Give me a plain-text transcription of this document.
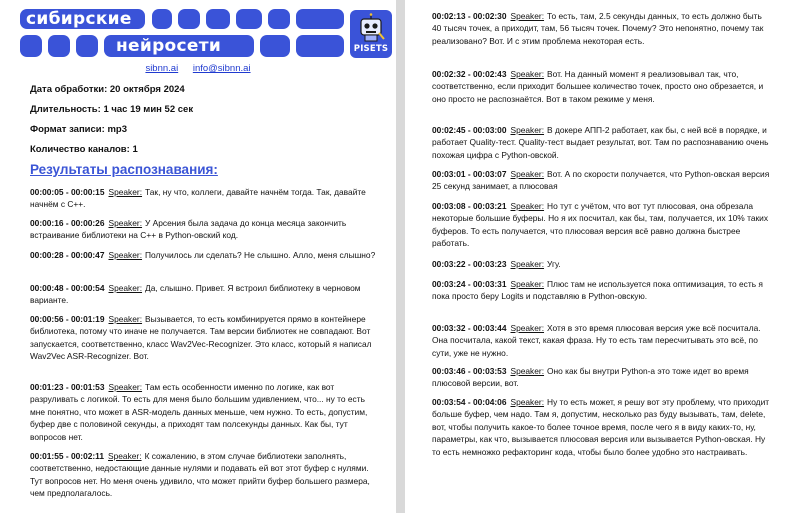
сибирские
нейросети	PISETS
sibnn.ai info@sibnn.ai
Дата обработки: 20 октября 2024
Длительность: 1 час 19 мин 52 сек
Формат записи: mp3
Количество каналов: 1
Результаты распознавания:
00:00:05 - 00:00:15 Speaker: Так, ну что, коллеги, давайте начнём тогда. Так, давайте начнём с C++.
00:00:16 - 00:00:26 Speaker: У Арсения была задача до конца месяца закончить встраивание библиотеки на C++ в Python-овский код.
00:00:28 - 00:00:47 Speaker: Получилось ли сделать? Не слышно. Алло, меня слышно?
00:00:48 - 00:00:54 Speaker: Да, слышно. Привет. Я встроил библиотеку в черновом варианте.
00:00:56 - 00:01:19 Speaker: Вызывается, то есть комбинируется прямо в контейнере библиотека, потому что иначе не получается. Там версии библиотек не совпадают. Вот запускается, соответственно, класс Wav2Vec-Recognizer. Это класс, который я написал Wav2Vec ASR-Recognizer. Вот.
00:01:23 - 00:01:53 Speaker: Там есть особенности именно по логике, как вот разруливать с логикой. То есть для меня было большим удивлением, что... ну то есть мне понятно, что может в ASR-модель данных меньше, чем нужно. То есть, допустим, буфер две с половиной секунды, а приходят там полсекунды данных. Как бы, тут вопросов нет.
00:01:55 - 00:02:11 Speaker: К сожалению, в этом случае библиотеки заполнять, соответственно, недостающие данные нулями и подавать ей вот этот буфер с нулями. Тут вопросов нет. Но меня очень удивило, что может прийти буфер большего размера, чем предполагалось.
00:02:13 - 00:02:30 Speaker: То есть, там, 2.5 секунды данных, то есть должно быть 40 тысяч точек, а приходит, там, 56 тысяч точек. Почему? Это непонятно, почему так реализовано? Вот. И с этим проблема некоторая есть.
00:02:32 - 00:02:43 Speaker: Вот. На данный момент я реализовывал так, что, соответственно, если приходит большее количество точек, просто оно обрезается, и оно просто не распознаётся. Вот в таком режиме у меня.
00:02:45 - 00:03:00 Speaker: В докере АПП-2 работает, как бы, с ней всё в порядке, и работает Quality-тест. Quality-тест выдает результат, вот. Там по распознаванию очень похожая цифра с Python-овской.
00:03:01 - 00:03:07 Speaker: Вот. А по скорости получается, что Python-овская версия 25 секунд занимает, а плюсовая
00:03:08 - 00:03:21 Speaker: Но тут с учётом, что вот тут плюсовая, она обрезала некоторые большие буферы. Но я их посчитал, как бы, там, получается, их 10% таких буферов. То есть получается, что плюсовая версия всё равно должна быстрее работать.
00:03:22 - 00:03:23 Speaker: Угу.
00:03:24 - 00:03:31 Speaker: Плюс там не используется пока оптимизация, то есть я пока просто беру Logits и подставляю в Python-овскую.
00:03:32 - 00:03:44 Speaker: Хотя в это время плюсовая версия уже всё посчитала. Она посчитала, какой текст, какая фраза. Ну то есть там пересчитывать это всё, по сути, уже не нужно.
00:03:46 - 00:03:53 Speaker: Оно как бы внутри Python-а это тоже идет во время плюсовой версии, вот.
00:03:54 - 00:04:06 Speaker: Ну то есть может, я решу вот эту проблему, что приходит больше буфер, чем надо. Там я, допустим, несколько раз буду вызывать, там, delete, вот, чтобы получить какое-то более точное время, после чего я в виду каких-то, ну, параметры, как что, вызывается плюсовая версия или вызывается Python-овская. Ну то есть немножко рефакторинг кода, чтобы было более удобно это настраивать.
